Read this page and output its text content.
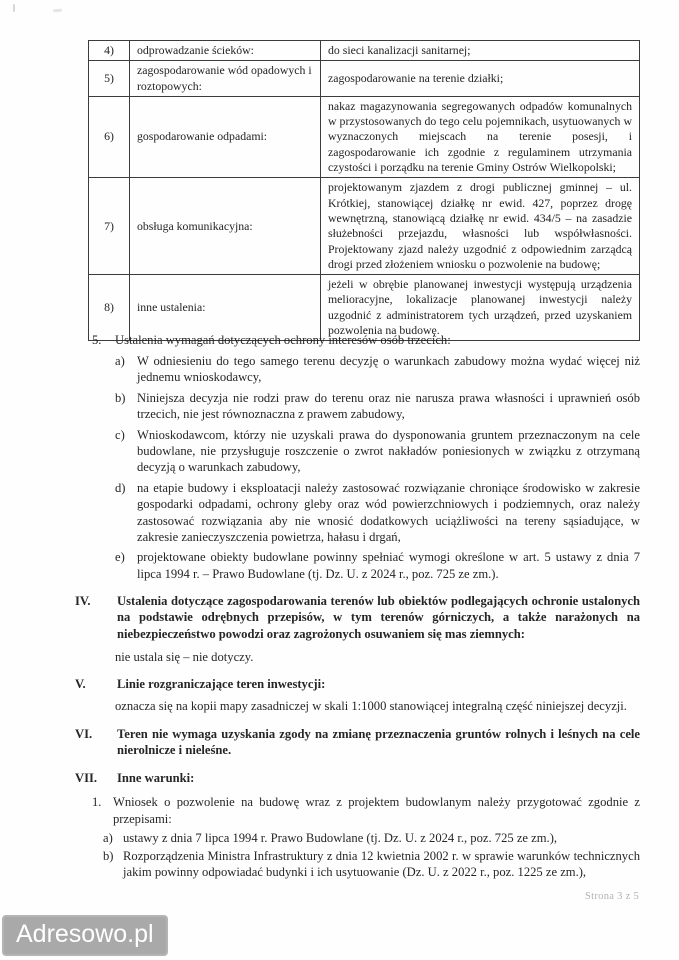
4)	odprowadzanie ścieków:	do sieci kanalizacji sanitarnej;
5)	zagospodarowanie wód opadowych i roztopowych:	zagospodarowanie na terenie działki;
6)	gospodarowanie odpadami:	nakaz magazynowania segregowanych odpadów komunalnych w przystosowanych do tego celu pojemnikach, usytuowanych w wyznaczonych miejscach na terenie posesji, i zagospodarowanie ich zgodnie z regulaminem utrzymania czystości i porządku na terenie Gminy Ostrów Wielkopolski;
7)	obsługa komunikacyjna:	projektowanym zjazdem z drogi publicznej gminnej – ul. Krótkiej, stanowiącej działkę nr ewid. 427, poprzez drogę wewnętrzną, stanowiącą działkę nr ewid. 434/5 – na zasadzie służebności przejazdu, własności lub współwłasności. Projektowany zjazd należy uzgodnić z odpowiednim zarządcą drogi przed złożeniem wniosku o pozwolenie na budowę;
8)	inne ustalenia:	jeżeli w obrębie planowanej inwestycji występują urządzenia melioracyjne, lokalizacje planowanej inwestycji należy uzgodnić z administratorem tych urządzeń, przed uzyskaniem pozwolenia na budowę.
5.	Ustalenia wymagań dotyczących ochrony interesów osób trzecich:
a) W odniesieniu do tego samego terenu decyzję o warunkach zabudowy można wydać więcej niż jednemu wnioskodawcy,
b) Niniejsza decyzja nie rodzi praw do terenu oraz nie narusza prawa własności i uprawnień osób trzecich, nie jest równoznaczna z prawem zabudowy,
c) Wnioskodawcom, którzy nie uzyskali prawa do dysponowania gruntem przeznaczonym na cele budowlane, nie przysługuje roszczenie o zwrot nakładów poniesionych w związku z otrzymaną decyzją o warunkach zabudowy,
d) na etapie budowy i eksploatacji należy zastosować rozwiązanie chroniące środowisko w zakresie gospodarki odpadami, ochrony gleby oraz wód powierzchniowych i podziemnych, oraz należy zastosować rozwiązania aby nie wnosić dodatkowych uciążliwości na tereny sąsiadujące, w zakresie zanieczyszczenia powietrza, hałasu i drgań,
e) projektowane obiekty budowlane powinny spełniać wymogi określone w art. 5 ustawy z dnia 7 lipca 1994 r. – Prawo Budowlane (tj. Dz. U. z 2024 r., poz. 725 ze zm.).
IV.	Ustalenia dotyczące zagospodarowania terenów lub obiektów podlegających ochronie ustalonych na podstawie odrębnych przepisów, w tym terenów górniczych, a także narażonych na niebezpieczeństwo powodzi oraz zagrożonych osuwaniem się mas ziemnych:
nie ustala się – nie dotyczy.
V.	Linie rozgraniczające teren inwestycji:
oznacza się na kopii mapy zasadniczej w skali 1:1000 stanowiącej integralną część niniejszej decyzji.
VI.	Teren nie wymaga uzyskania zgody na zmianę przeznaczenia gruntów rolnych i leśnych na cele nierolnicze i nieleśne.
VII.	Inne warunki:
1. Wniosek o pozwolenie na budowę wraz z projektem budowlanym należy przygotować zgodnie z przepisami:
a) ustawy z dnia 7 lipca 1994 r. Prawo Budowlane (tj. Dz. U. z 2024 r., poz. 725 ze zm.),
b) Rozporządzenia Ministra Infrastruktury z dnia 12 kwietnia 2002 r. w sprawie warunków technicznych jakim powinny odpowiadać budynki i ich usytuowanie (Dz. U. z 2022 r., poz. 1225 ze zm.),
Strona 3 z 5
Adresowo.pl
